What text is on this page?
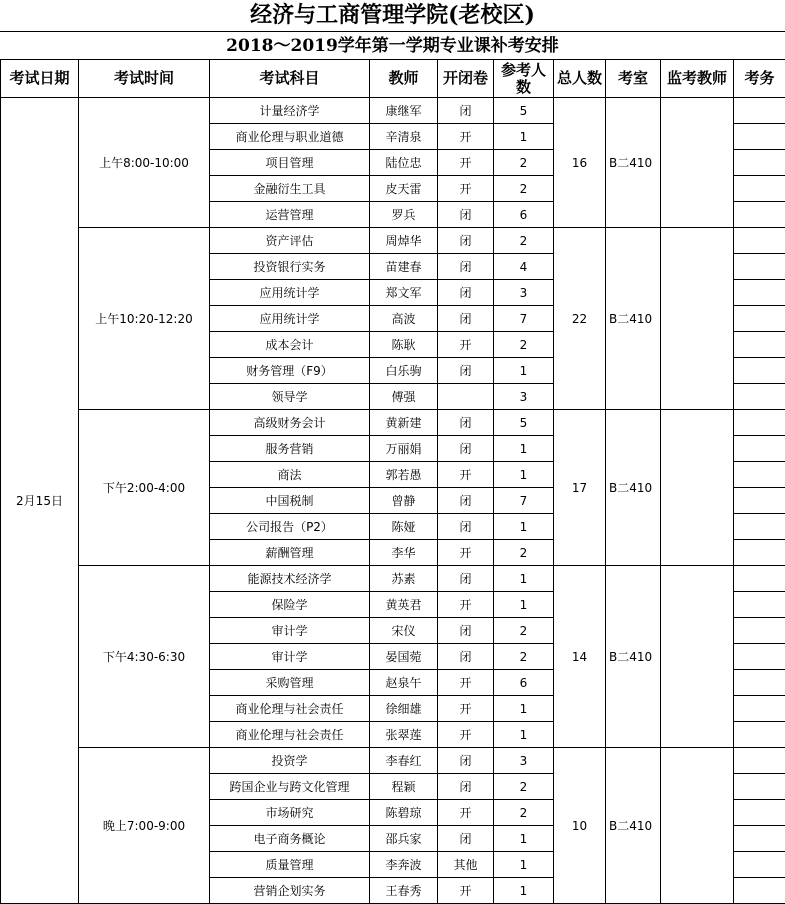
经济与工商管理学院(老校区)
2018～2019学年第一学期专业课补考安排
考试日期	考试时间	考试科目	教师	开闭卷	参考人数	总人数	考室	监考教师	考务
2月15日	上午8:00-10:00	计量经济学	康继军	闭	5	16	B二410		
		商业伦理与职业道德	辛清泉	开	1				
		项目管理	陆位忠	开	2				
		金融衍生工具	皮天雷	开	2				
		运营管理	罗兵	闭	6				
	上午10:20-12:20	资产评估	周焯华	闭	2	22	B二410		
		投资银行实务	苗建春	闭	4				
		应用统计学	郑文军	闭	3				
		应用统计学	高波	闭	7				
		成本会计	陈耿	开	2				
		财务管理（F9）	白乐驹	闭	1				
		领导学	傅强		3				
	下午2:00-4:00	高级财务会计	黄新建	闭	5	17	B二410		
		服务营销	万丽娟	闭	1				
		商法	郭若愚	开	1				
		中国税制	曾静	闭	7				
		公司报告（P2）	陈娅	闭	1				
		薪酬管理	李华	开	2				
	下午4:30-6:30	能源技术经济学	苏素	闭	1	14	B二410		
		保险学	黄英君	开	1				
		审计学	宋仪	闭	2				
		审计学	晏国菀	闭	2				
		采购管理	赵泉午	开	6				
		商业伦理与社会责任	徐细雄	开	1				
		商业伦理与社会责任	张翠莲	开	1				
	晚上7:00-9:00	投资学	李春红	闭	3	10	B二410		
		跨国企业与跨文化管理	程颖	闭	2				
		市场研究	陈碧琼	开	2				
		电子商务概论	邵兵家	闭	1				
		质量管理	李奔波	其他	1				
		营销企划实务	王春秀	开	1				
